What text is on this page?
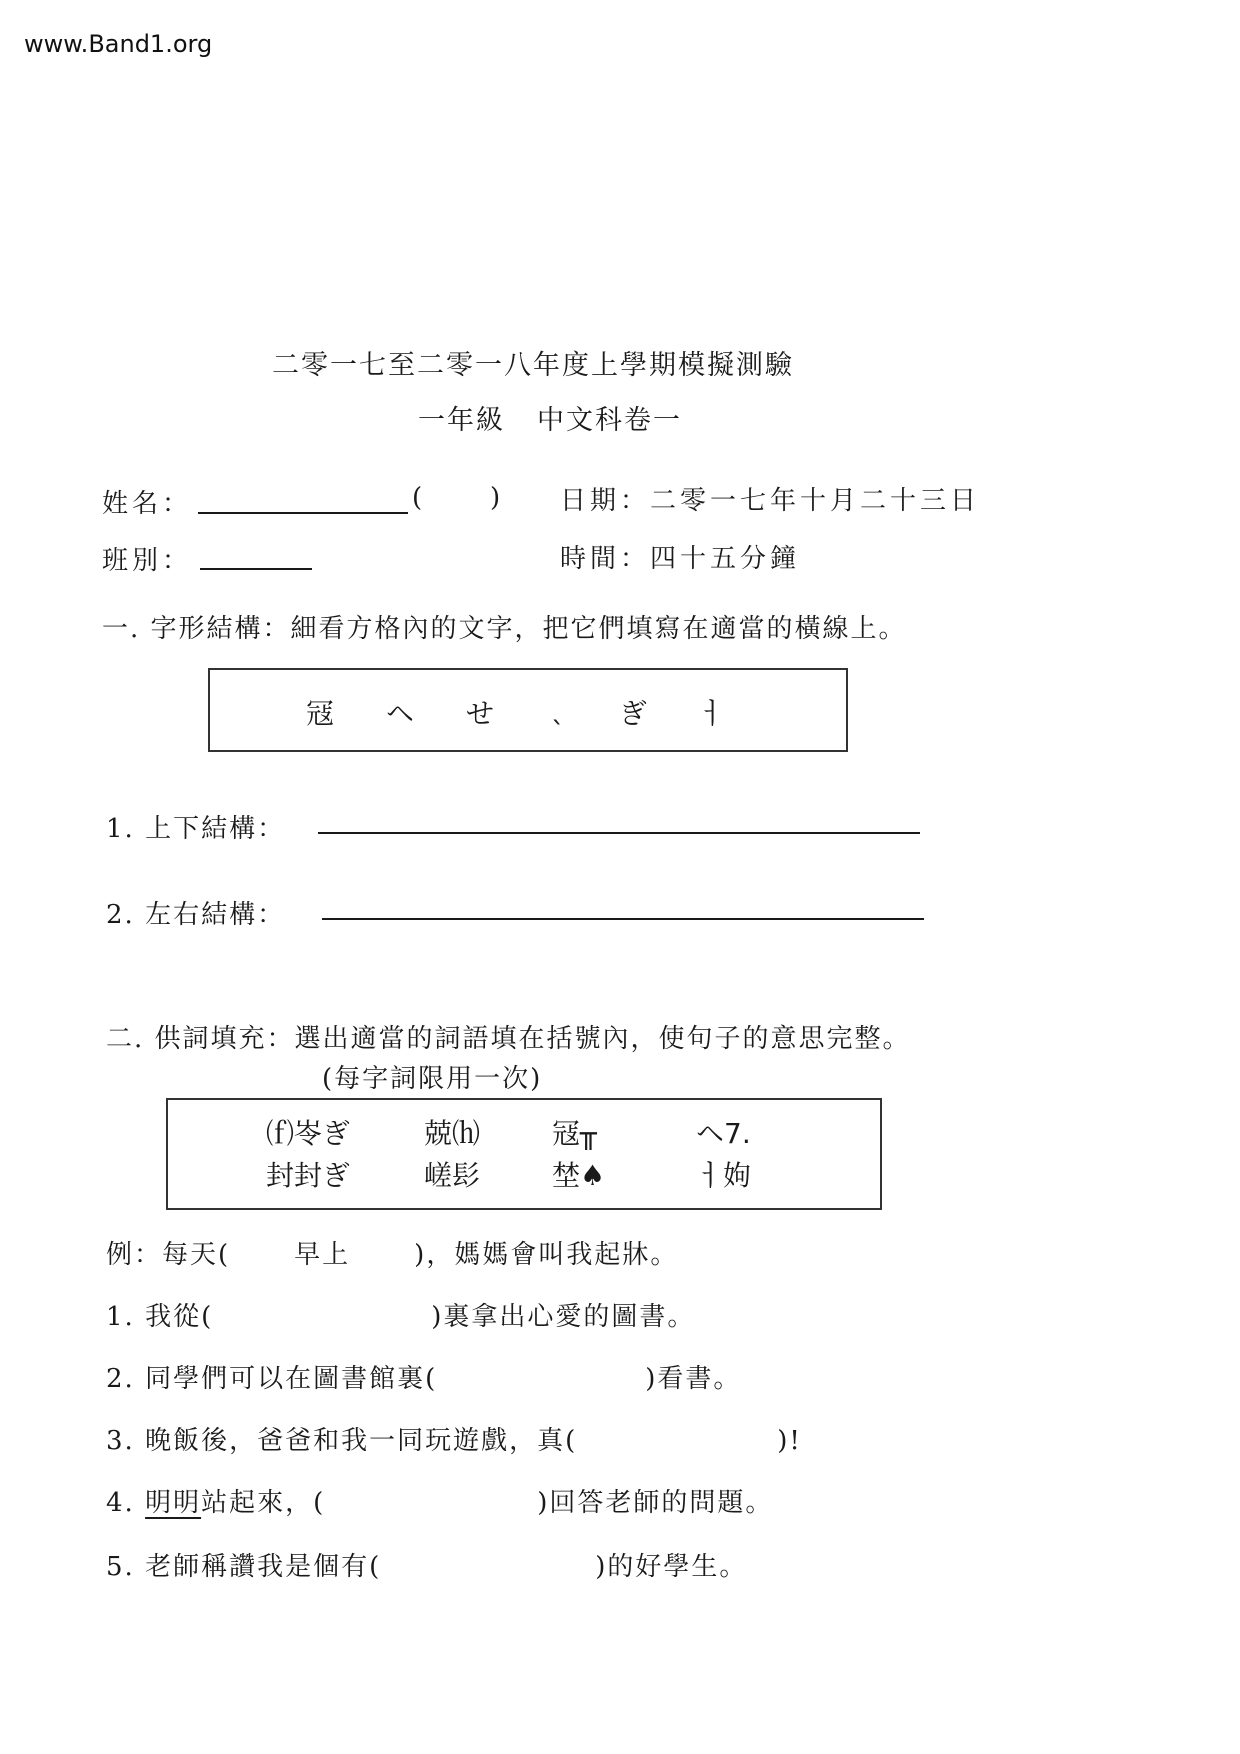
www.Band1.org
二零一七至二零一八年度上學期模擬測驗
一年級 中文科卷一
姓名：	( ) 日期：二零一七年十月二十三日
班別：	時間：四十五分鐘
一. 字形結構：細看方格內的文字，把它們填寫在適當的橫線上。
冦 ヘ せ ˎ ぎ ㅓ
1. 上下結構：
2. 左右結構：
二. 供詞填充：選出適當的詞語填在括號內，使句子的意思完整。
(每字詞限用一次)
⒡岺ぎ	兢⒣	冦╥	ヘ7.
封封ぎ	嵯髟	埜♠	ㅓ姁
例：每天( 早上 )，媽媽會叫我起牀。
1. 我從(	)裏拿出心愛的圖書。
2. 同學們可以在圖書館裏(	)看書。
3. 晚飯後，爸爸和我一同玩遊戲，真(	)!
4. 明明站起來，(	)回答老師的問題。
5. 老師稱讚我是個有(	)的好學生。
